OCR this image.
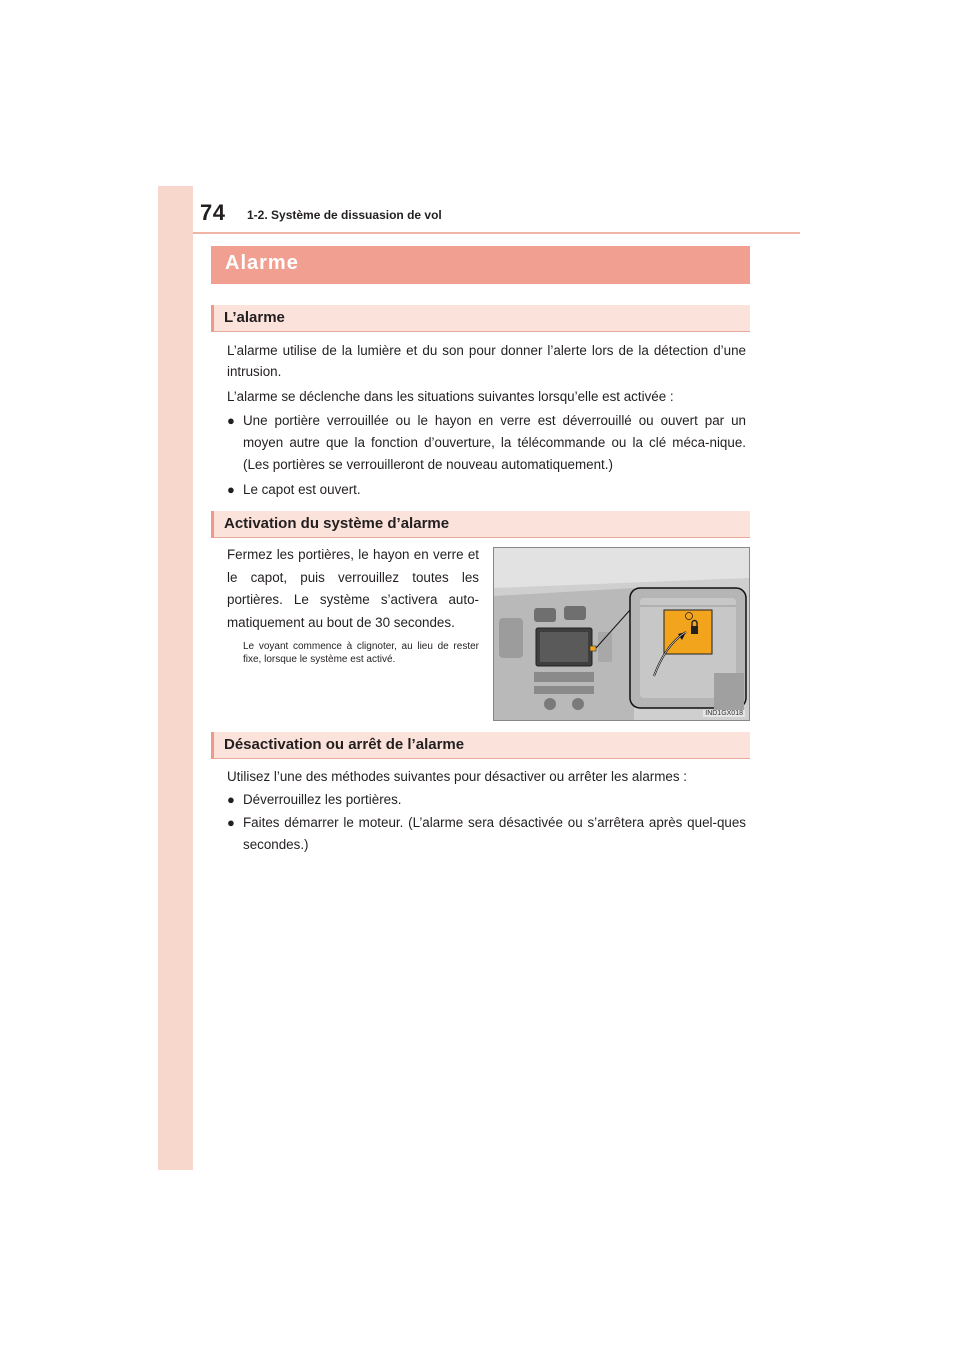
74 1-2. Système de dissuasion de vol
Alarme
L’alarme

L’alarme utilise de la lumière et du son pour donner l’alerte lors de la détection d’une intrusion.

L’alarme se déclenche dans les situations suivantes lorsqu’elle est activée :

● Une portière verrouillée ou le hayon en verre est déverrouillé ou ouvert par un moyen autre que la fonction d’ouverture, la télécommande ou la clé méca-nique. (Les portières se verrouilleront de nouveau automatiquement.)
● Le capot est ouvert.
Activation du système d’alarme
Fermez les portières, le hayon en verre et le capot, puis verrouillez toutes les portières. Le système s’activera auto-matiquement au bout de 30 secondes.
Le voyant commence à clignoter, au lieu de rester fixe, lorsque le système est activé.
IND1GX018
Désactivation ou arrêt de l’alarme

Utilisez l’une des méthodes suivantes pour désactiver ou arrêter les alarmes :

● Déverrouillez les portières.
● Faites démarrer le moteur. (L’alarme sera désactivée ou s’arrêtera après quel-ques secondes.)
